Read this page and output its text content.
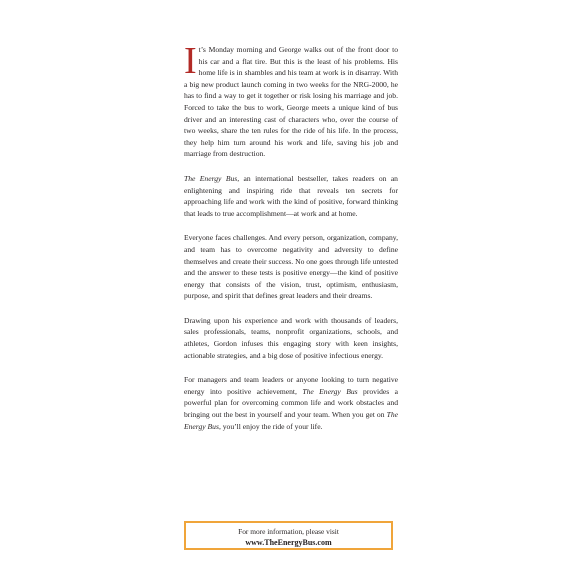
It’s Monday morning and George walks out of the front door to his car and a flat tire. But this is the least of his problems. His home life is in shambles and his team at work is in disarray. With a big new product launch coming in two weeks for the NRG-2000, he has to find a way to get it together or risk losing his marriage and job. Forced to take the bus to work, George meets a unique kind of bus driver and an interesting cast of characters who, over the course of two weeks, share the ten rules for the ride of his life. In the process, they help him turn around his work and life, saving his job and marriage from destruction.

The Energy Bus, an international bestseller, takes readers on an enlightening and inspiring ride that reveals ten secrets for approaching life and work with the kind of positive, forward thinking that leads to true accomplishment—at work and at home.

Everyone faces challenges. And every person, organization, company, and team has to overcome negativity and adversity to define themselves and create their success. No one goes through life untested and the answer to these tests is positive energy—the kind of positive energy that consists of the vision, trust, optimism, enthusiasm, purpose, and spirit that defines great leaders and their dreams.

Drawing upon his experience and work with thousands of leaders, sales professionals, teams, nonprofit organizations, schools, and athletes, Gordon infuses this engaging story with keen insights, actionable strategies, and a big dose of positive infectious energy.

For managers and team leaders or anyone looking to turn negative energy into positive achievement, The Energy Bus provides a powerful plan for overcoming common life and work obstacles and bringing out the best in yourself and your team. When you get on The Energy Bus, you’ll enjoy the ride of your life.

For more information, please visit
www.TheEnergyBus.com
